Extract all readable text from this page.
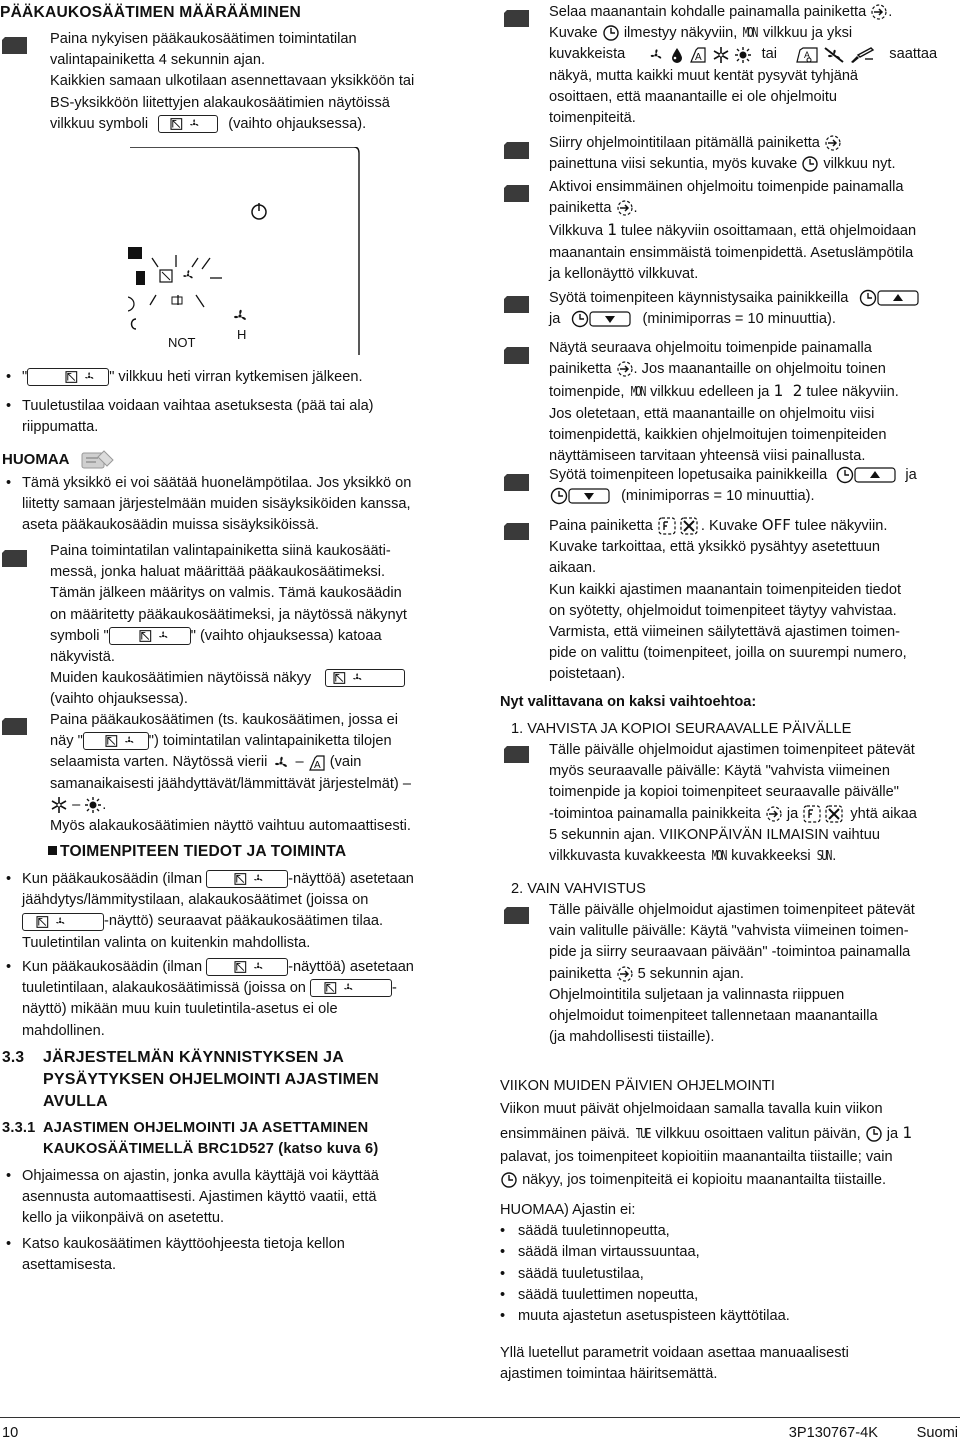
PÄÄKAUKOSÄÄTIMEN MÄÄRÄÄMINEN
Paina nykyisen pääkaukosäätimen toimintatilan
valintapainiketta 4 sekunnin ajan.
Kaikkien samaan ulkotilaan asennettavaan yksikköön tai
BS-yksikköön liitettyjen alakaukosäätimien näytöissä
vilkkuu symboli	(vaihto ohjauksessa).
NOT
H
• "	" vilkkuu heti virran kytkemisen jälkeen.
• Tuuletustilaa voidaan vaihtaa asetuksesta (pää tai ala)
riippumatta.
HUOMAA
• Tämä yksikkö ei voi säätää huonelämpötilaa. Jos yksikkö on
liitetty samaan järjestelmään muiden sisäyksiköiden kanssa,
aseta pääkaukosäädin muissa sisäyksiköissä.
Paina toimintatilan valintapainiketta siinä kaukosääti-
messä, jonka haluat määrittää pääkaukosäätimeksi.
Tämän jälkeen määritys on valmis. Tämä kaukosäädin
on määritetty pääkaukosäätimeksi, ja näytössä näkynyt
symboli "	" (vaihto ohjauksessa) katoaa
näkyvistä.
Muiden kaukosäätimien näytöissä näkyy
(vaihto ohjauksessa).
Paina pääkaukosäätimen (ts. kaukosäätimen, jossa ei
näy "	") toimintatilan valintapainiketta tilojen
selaamista varten. Näytössä vierii – (vain
samanaikaisesti jäähdyttävät/lämmittävät järjestelmät) –
– .
Myös alakaukosäätimien näyttö vaihtuu automaattisesti.
TOIMENPITEEN TIEDOT JA TOIMINTA
• Kun pääkaukosäädin (ilman	-näyttöä) asetetaan
jäähdytys/lämmitystilaan, alakaukosäätimet (joissa on
-näyttö) seuraavat pääkaukosäätimen tilaa.
Tuuletintilan valinta on kuitenkin mahdollista.
• Kun pääkaukosäädin (ilman	-näyttöä) asetetaan
tuuletintilaan, alakaukosäätimissä (joissa on	-
näyttö) mikään muu kuin tuuletintila-asetus ei ole
mahdollinen.
3.3 JÄRJESTELMÄN KÄYNNISTYKSEN JA
PYSÄYTYKSEN OHJELMOINTI AJASTIMEN
AVULLA
3.3.1 AJASTIMEN OHJELMOINTI JA ASETTAMINEN
KAUKOSÄÄTIMELLÄ BRC1D527 (katso kuva 6)
• Ohjaimessa on ajastin, jonka avulla käyttäjä voi käyttää
asennusta automaattisesti. Ajastimen käyttö vaatii, että
kello ja viikonpäivä on asetettu.
• Katso kaukosäätimen käyttöohjeesta tietoja kellon
asettamisesta.
Selaa maanantain kohdalle painamalla painiketta .
Kuvake ilmestyy näkyviin, MON vilkkuu ja yksi
kuvakkeista	tai	saattaa
näkyä, mutta kaikki muut kentät pysyvät tyhjänä
osoittaen, että maanantaille ei ole ohjelmoitu
toimenpiteitä.
Siirry ohjelmointitilaan pitämällä painiketta
painettuna viisi sekuntia, myös kuvake vilkkuu nyt.
Aktivoi ensimmäinen ohjelmoitu toimenpide painamalla
painiketta .
Vilkkuva 1 tulee näkyviin osoittamaan, että ohjelmoidaan
maanantain ensimmäistä toimenpidettä. Asetuslämpötila
ja kellonäyttö vilkkuvat.
Syötä toimenpiteen käynnistysaika painikkeilla
ja	(minimiporras = 10 minuuttia).
Näytä seuraava ohjelmoitu toimenpide painamalla
painiketta . Jos maanantaille on ohjelmoitu toinen
toimenpide, MON vilkkuu edelleen ja 1 2 tulee näkyviin.
Jos oletetaan, että maanantaille on ohjelmoitu viisi
toimenpidettä, kaikkien ohjelmoitujen toimenpiteiden
näyttämiseen tarvitaan yhteensä viisi painallusta.
Syötä toimenpiteen lopetusaika painikkeilla	ja
(minimiporras = 10 minuuttia).
Paina painiketta	. Kuvake OFF tulee näkyviin.
Kuvake tarkoittaa, että yksikkö pysähtyy asetettuun
aikaan.
Kun kaikki ajastimen maanantain toimenpiteiden tiedot
on syötetty, ohjelmoidut toimenpiteet täytyy vahvistaa.
Varmista, että viimeinen säilytettävä ajastimen toimen-
pide on valittu (toimenpiteet, joilla on suurempi numero,
poistetaan).
Nyt valittavana on kaksi vaihtoehtoa:
1. VAHVISTA JA KOPIOI SEURAAVALLE PÄIVÄLLE
Tälle päivälle ohjelmoidut ajastimen toimenpiteet pätevät
myös seuraavalle päivälle: Käytä "vahvista viimeinen
toimenpide ja kopioi toimenpiteet seuraavalle päivälle"
-toimintoa painamalla painikkeita ja	yhtä aikaa
5 sekunnin ajan. VIIKONPÄIVÄN ILMAISIN vaihtuu
vilkkuvasta kuvakkeesta MON kuvakkeeksi SUN .
2. VAIN VAHVISTUS
Tälle päivälle ohjelmoidut ajastimen toimenpiteet pätevät
vain valitulle päivälle: Käytä "vahvista viimeinen toimen-
pide ja siirry seuraavaan päivään" -toimintoa painamalla
painiketta 5 sekunnin ajan.
Ohjelmointitila suljetaan ja valinnasta riippuen
ohjelmoidut toimenpiteet tallennetaan maanantailla
(ja mahdollisesti tiistaille).
VIIKON MUIDEN PÄIVIEN OHJELMOINTI
Viikon muut päivät ohjelmoidaan samalla tavalla kuin viikon
ensimmäinen päivä. TUE vilkkuu osoittaen valitun päivän, ja 1
palavat, jos toimenpiteet kopioitiin maanantailta tiistaille; vain
näkyy, jos toimenpiteitä ei kopioitu maanantailta tiistaille.
HUOMAA) Ajastin ei:
• säädä tuuletinnopeutta,
• säädä ilman virtaussuuntaa,
• säädä tuuletustilaa,
• säädä tuulettimen nopeutta,
• muuta ajastetun asetuspisteen käyttötilaa.
Yllä luetellut parametrit voidaan asettaa manuaalisesti
ajastimen toimintaa häiritsemättä.
10	3P130767-4K	Suomi
